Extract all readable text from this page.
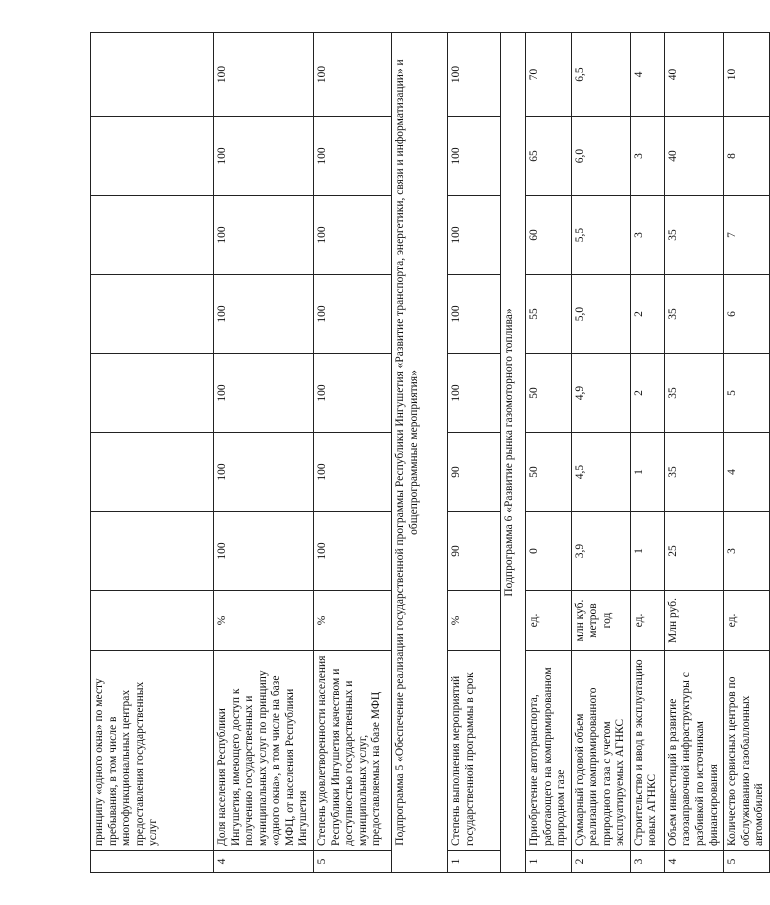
	принципу «одного окна» по месту пребывания, в том числе в многофункциональных центрах предоставления государственных услуг								
4	Доля населения Республики Ингушетия, имеющего доступ к получению государственных и муниципальных услуг по принципу «одного окна», в том числе на базе МФЦ, от населения Республики Ингушетия	%	100	100	100	100	100	100	100
5	Степень удовлетворенности населения Республики Ингушетия качеством и доступностью государственных и муниципальных услуг, предоставляемых на базе МФЦ	%	100	100	100	100	100	100	100
Подпрограмма 5 «Обеспечение реализации государственной программы Республики Ингушетия «Развитие транспорта, энергетики, связи и информатизации» и общепрограммные мероприятия»									
1	Степень выполнения мероприятий государственной программы в срок	%	90	90	100	100	100	100	100
Подпрограмма 6 «Развитие рынка газомоторного топлива»									
1	Приобретение автотранспорта, работающего на компримированном природном газе	ед.	0	50	50	55	60	65	70
2	Суммарный годовой объем реализации компримированного природного газа с учетом эксплуатируемых АГНКС	млн куб. метров год	3,9	4,5	4,9	5,0	5,5	6,0	6,5
3	Строительство и ввод в эксплуатацию новых АГНКС	ед.	1	1	2	2	3	3	4
4	Объем инвестиций в развитие газозаправочной инфраструктуры с разбивкой по источникам финансирования	Млн руб.	25	35	35	35	35	40	40
5	Количество сервисных центров по обслуживанию газобаллонных автомобилей	ед.	3	4	5	6	7	8	10
